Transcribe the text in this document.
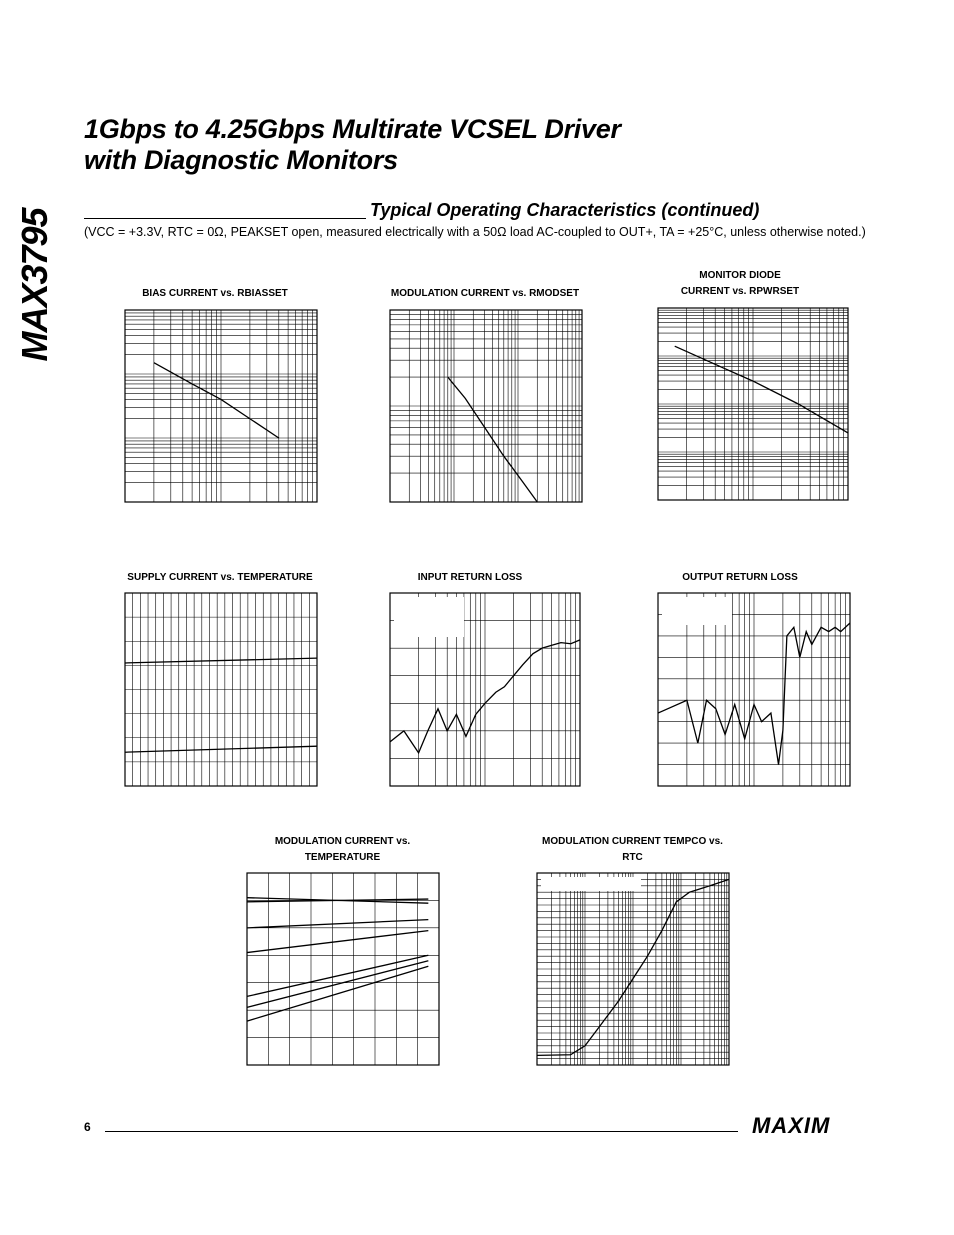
MAX3795
1Gbps to 4.25Gbps Multirate VCSEL Driver
with Diagnostic Monitors
Typical Operating Characteristics (continued)
(VCC = +3.3V, RTC = 0Ω, PEAKSET open, measured electrically with a 50Ω load AC-coupled to OUT+, TA = +25°C, unless otherwise noted.)
BIAS CURRENT vs. RBIASSET	MODULATION CURRENT vs. RMODSET
MONITOR DIODE CURRENT vs. RPWRSET
SUPPLY CURRENT vs. TEMPERATURE	INPUT RETURN LOSS	OUTPUT RETURN LOSS
MODULATION CURRENT vs. TEMPERATURE
MODULATION CURRENT TEMPCO vs. RTC
6	MAXIM
